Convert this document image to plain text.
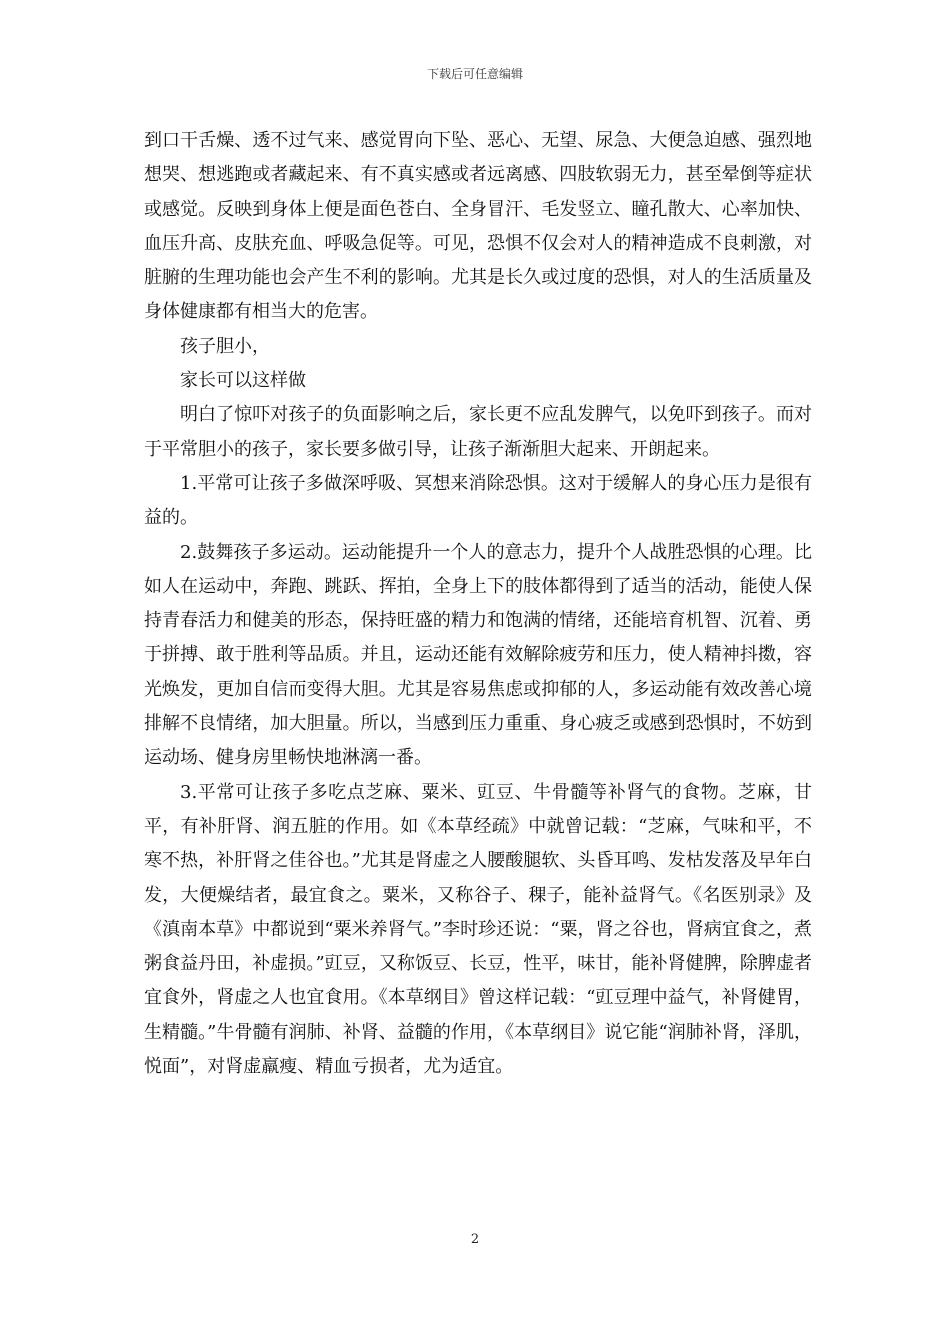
下载后可任意编辑

到口干舌燥、透不过气来、感觉胃向下坠、恶心、无望、尿急、大便急迫感、强烈地想哭、想逃跑或者藏起来、有不真实感或者远离感、四肢软弱无力，甚至晕倒等症状或感觉。反映到身体上便是面色苍白、全身冒汗、毛发竖立、瞳孔散大、心率加快、血压升高、皮肤充血、呼吸急促等。可见，恐惧不仅会对人的精神造成不良刺激，对脏腑的生理功能也会产生不利的影响。尤其是长久或过度的恐惧，对人的生活质量及身体健康都有相当大的危害。

孩子胆小，

家长可以这样做

明白了惊吓对孩子的负面影响之后，家长更不应乱发脾气，以免吓到孩子。而对于平常胆小的孩子，家长要多做引导，让孩子渐渐胆大起来、开朗起来。

1.平常可让孩子多做深呼吸、冥想来消除恐惧。这对于缓解人的身心压力是很有益的。

2.鼓舞孩子多运动。运动能提升一个人的意志力，提升个人战胜恐惧的心理。比如人在运动中，奔跑、跳跃、挥拍，全身上下的肢体都得到了适当的活动，能使人保持青春活力和健美的形态，保持旺盛的精力和饱满的情绪，还能培育机智、沉着、勇于拼搏、敢于胜利等品质。并且，运动还能有效解除疲劳和压力，使人精神抖擞，容光焕发，更加自信而变得大胆。尤其是容易焦虑或抑郁的人，多运动能有效改善心境排解不良情绪，加大胆量。所以，当感到压力重重、身心疲乏或感到恐惧时，不妨到运动场、健身房里畅快地淋漓一番。

3.平常可让孩子多吃点芝麻、粟米、豇豆、牛骨髓等补肾气的食物。芝麻，甘平，有补肝肾、润五脏的作用。如《本草经疏》中就曾记载：“芝麻，气味和平，不寒不热，补肝肾之佳谷也。”尤其是肾虚之人腰酸腿软、头昏耳鸣、发枯发落及早年白发，大便燥结者，最宜食之。粟米，又称谷子、稞子，能补益肾气。《名医别录》及《滇南本草》中都说到“粟米养肾气。”李时珍还说：“粟，肾之谷也，肾病宜食之，煮粥食益丹田，补虚损。”豇豆，又称饭豆、长豆，性平，味甘，能补肾健脾，除脾虚者宜食外，肾虚之人也宜食用。《本草纲目》曾这样记载：“豇豆理中益气，补肾健胃，生精髓。”牛骨髓有润肺、补肾、益髓的作用，《本草纲目》说它能“润肺补肾，泽肌，悦面”，对肾虚羸瘦、精血亏损者，尤为适宜。

2
